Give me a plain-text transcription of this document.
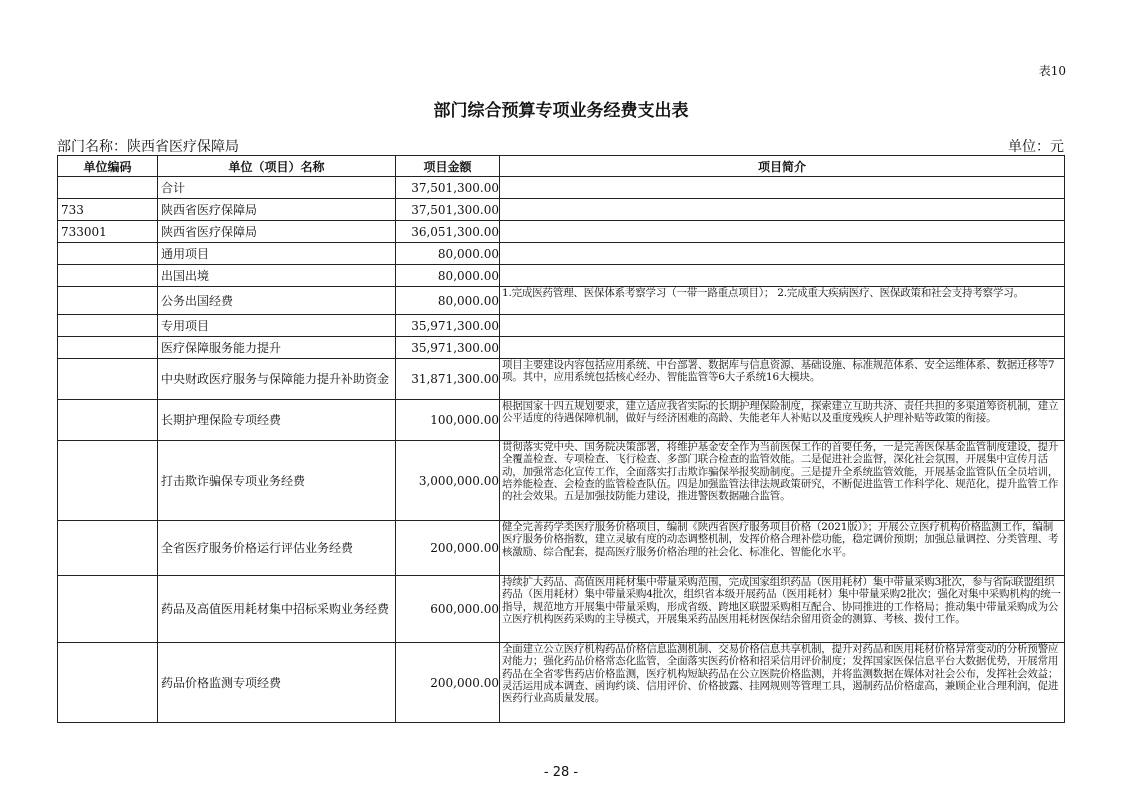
表10
部门综合预算专项业务经费支出表
部门名称：陕西省医疗保障局	单位：元
单位编码	单位（项目）名称	项目金额	项目简介
	合计	37,501,300.00	
733	陕西省医疗保障局	37,501,300.00	
733001	陕西省医疗保障局	36,051,300.00	
	通用项目	80,000.00	
	出国出境	80,000.00	
	公务出国经费	80,000.00	1.完成医药管理、医保体系考察学习（一带一路重点项目）； 2.完成重大疾病医疗、医保政策和社会支持考察学习。
	专用项目	35,971,300.00	
	医疗保障服务能力提升	35,971,300.00	
	中央财政医疗服务与保障能力提升补助资金	31,871,300.00	项目主要建设内容包括应用系统、中台部署、数据库与信息资源、基础设施、标准规范体系、安全运维体系、数据迁移等7项。其中，应用系统包括核心经办、智能监管等6大子系统16大模块。
	长期护理保险专项经费	100,000.00	根据国家十四五规划要求，建立适应我省实际的长期护理保险制度，探索建立互助共济、责任共担的多渠道筹资机制，建立公平适度的待遇保障机制，做好与经济困难的高龄、失能老年人补贴以及重度残疾人护理补贴等政策的衔接。
	打击欺诈骗保专项业务经费	3,000,000.00	贯彻落实党中央、国务院决策部署，将维护基金安全作为当前医保工作的首要任务，一是完善医保基金监管制度建设，提升全覆盖检查、专项检查、飞行检查、多部门联合检查的监管效能。二是促进社会监督，深化社会氛围，开展集中宣传月活动，加强常态化宣传工作，全面落实打击欺诈骗保举报奖励制度。三是提升全系统监管效能，开展基金监管队伍全员培训，培养能检查、会检查的监管检查队伍。四是加强监管法律法规政策研究，不断促进监管工作科学化、规范化，提升监管工作的社会效果。五是加强技防能力建设，推进警医数据融合监管。
	全省医疗服务价格运行评估业务经费	200,000.00	健全完善药学类医疗服务价格项目，编制《陕西省医疗服务项目价格（2021版）》；开展公立医疗机构价格监测工作，编制医疗服务价格指数，建立灵敏有度的动态调整机制，发挥价格合理补偿功能，稳定调价预期；加强总量调控、分类管理、考核激励、综合配套，提高医疗服务价格治理的社会化、标准化、智能化水平。
	药品及高值医用耗材集中招标采购业务经费	600,000.00	持续扩大药品、高值医用耗材集中带量采购范围，完成国家组织药品（医用耗材）集中带量采购3批次，参与省际联盟组织药品（医用耗材）集中带量采购4批次，组织省本级开展药品（医用耗材）集中带量采购2批次；强化对集中采购机构的统一指导，规范地方开展集中带量采购，形成省级、跨地区联盟采购相互配合、协同推进的工作格局；推动集中带量采购成为公立医疗机构医药采购的主导模式，开展集采药品医用耗材医保结余留用资金的测算、考核、拨付工作。
	药品价格监测专项经费	200,000.00	全面建立公立医疗机构药品价格信息监测机制、交易价格信息共享机制，提升对药品和医用耗材价格异常变动的分析预警应对能力；强化药品价格常态化监管，全面落实医药价格和招采信用评价制度；发挥国家医保信息平台大数据优势，开展常用药品在全省零售药店价格监测，医疗机构短缺药品在公立医院价格监测，并将监测数据在媒体对社会公布，发挥社会效益；灵活运用成本调查、函询约谈、信用评价、价格披露、挂网规则等管理工具，遏制药品价格虚高，兼顾企业合理利润，促进医药行业高质量发展。
- 28 -
